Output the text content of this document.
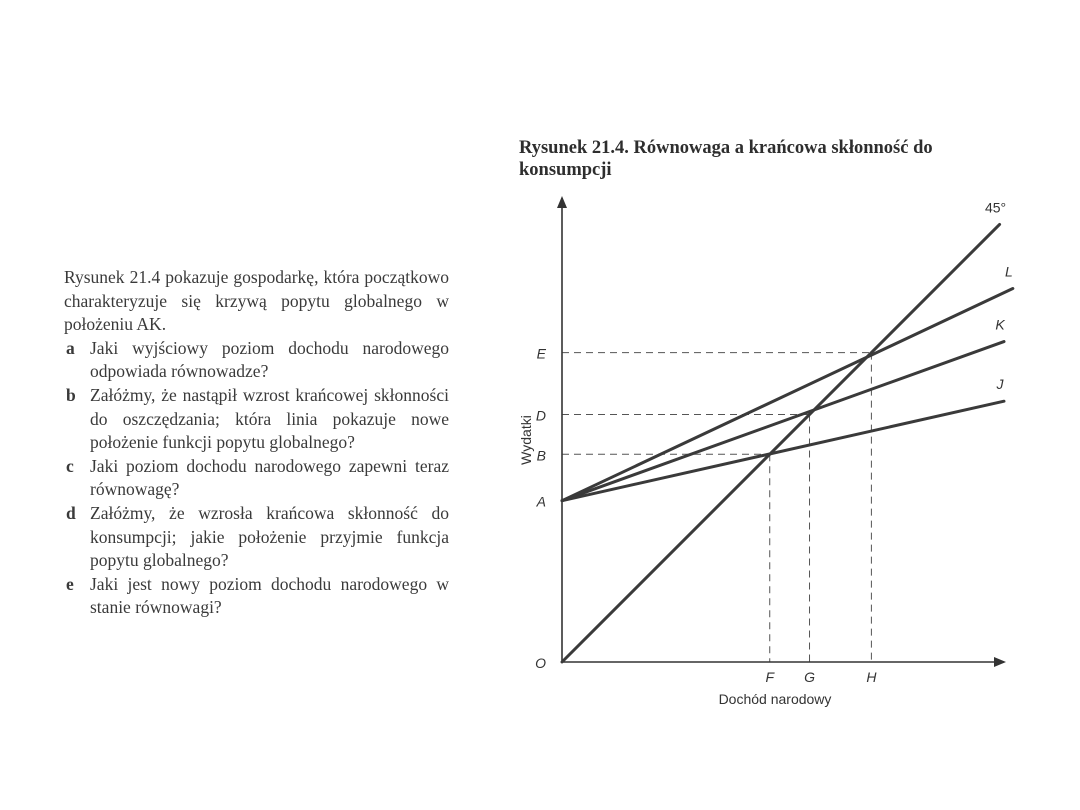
Rysunek 21.4 pokazuje gospodarkę, która początkowo charakteryzuje się krzywą popytu globalnego w położeniu AK.

a Jaki wyjściowy poziom dochodu narodowego odpowiada równowadze?
b Załóżmy, że nastąpił wzrost krańcowej skłonności do oszczędzania; która linia pokazuje nowe położenie funkcji popytu globalnego?
c Jaki poziom dochodu narodowego zapewni teraz równowagę?
d Załóżmy, że wzrosła krańcowa skłonność do konsumpcji; jakie położenie przyjmie funkcja popytu globalnego?
e Jaki jest nowy poziom dochodu narodowego w stanie równowagi?
Rysunek 21.4. Równowaga a krańcowa skłonność do konsumpcji
45°
L
K
J
A
B
D
E
F G	H
O
Dochód narodowy
Wydatki
